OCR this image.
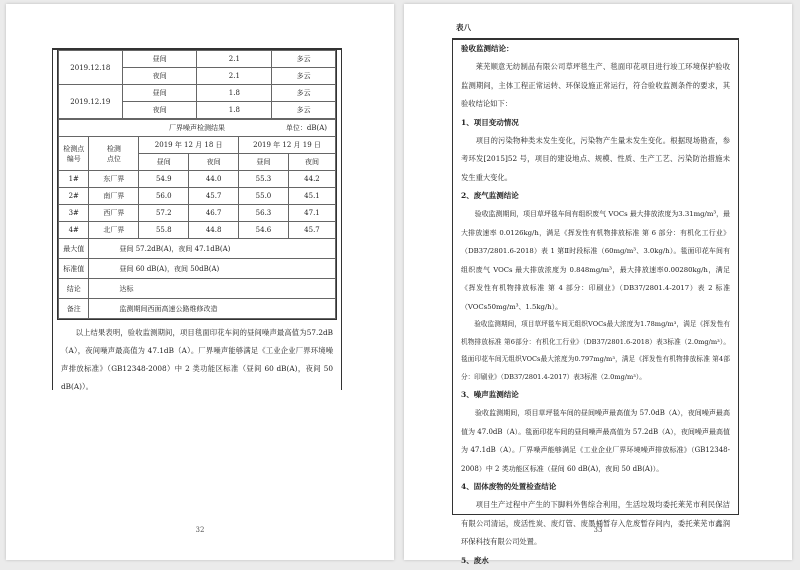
2019.12.18	昼间	2.1	多云
	夜间	2.1	多云
2019.12.19	昼间	1.8	多云
	夜间	1.8	多云
厂界噪声检测结果 单位：dB(A)					

检测点编号	检测点位	2019 年 12 月 18 日		2019 年 12 月 19 日	
		昼间	夜间	昼间	夜间
1#	东厂界	54.9	44.0	55.3	44.2
2#	南厂界	56.0	45.7	55.0	45.1
3#	西厂界	57.2	46.7	56.3	47.1
4#	北厂界	55.8	44.8	54.6	45.7
最大值	昼间 57.2dB(A)，夜间 47.1dB(A)				
标准值	昼间 60 dB(A)，夜间 50dB(A)				
结论	达标				
备注	监测期间西面高速公路维修改造				
以上结果表明，验收监测期间，项目毯面印花车间的昼间噪声最高值为57.2dB（A），夜间噪声最高值为 47.1dB（A）。厂界噪声能够满足《工业企业厂界环境噪声排放标准》（GB12348-2008）中 2 类功能区标准（昼间 60 dB(A)，夜间 50 dB(A)）。
32
表八
验收监测结论：
莱芜顺意无纺制品有限公司草坪毯生产、毯面印花项目进行竣工环境保护验收监测期间，主体工程正常运转、环保设施正常运行，符合验收监测条件的要求，其验收结论如下：
1、项目变动情况
项目的污染物种类未发生变化，污染物产生量未发生变化。根据现场勘查，参考环发[2015]52 号，项目的建设地点、规模、性质、生产工艺、污染防治措施未发生重大变化。
2、废气监测结论
验收监测期间，项目草坪毯车间有组织废气 VOCs 最大排放浓度为3.31mg/m³，最大排放速率 0.0126kg/h，满足《挥发性有机物排放标准 第 6 部分：有机化工行业》（DB37/2801.6-2018）表 1 第Ⅱ时段标准（60mg/m³、3.0kg/h）。毯面印花车间有组织废气 VOCs 最大排放浓度为 0.848mg/m³，最大排放速率0.00280kg/h，满足《挥发性有机物排放标准 第 4 部分：印刷业》（DB37/2801.4-2017）表 2 标准（VOCs50mg/m³、1.5kg/h）。
验收监测期间，项目草坪毯车间无组织VOCs最大浓度为1.78mg/m³，满足《挥发性有机物排放标准 第6部分：有机化工行业》（DB37/2801.6-2018）表3标准（2.0mg/m³）。毯面印花车间无组织VOCs最大浓度为0.797mg/m³，满足《挥发性有机物排放标准 第4部分：印刷业》（DB37/2801.4-2017）表3标准（2.0mg/m³）。
3、噪声监测结论
验收监测期间，项目草坪毯车间的昼间噪声最高值为 57.0dB（A），夜间噪声最高值为 47.0dB（A）。毯面印花车间的昼间噪声最高值为 57.2dB（A），夜间噪声最高值为 47.1dB（A）。厂界噪声能够满足《工业企业厂界环境噪声排放标准》（GB12348-2008）中 2 类功能区标准（昼间 60 dB(A)，夜间 50 dB(A)）。
4、固体废物的处置检查结论
项目生产过程中产生的下脚料外售综合利用，生活垃圾均委托莱芜市利民保洁有限公司清运，废活性炭、废灯管、废墨桶暂存入危废暂存间内，委托莱芜市鑫润环保科技有限公司处置。
5、废水
33
